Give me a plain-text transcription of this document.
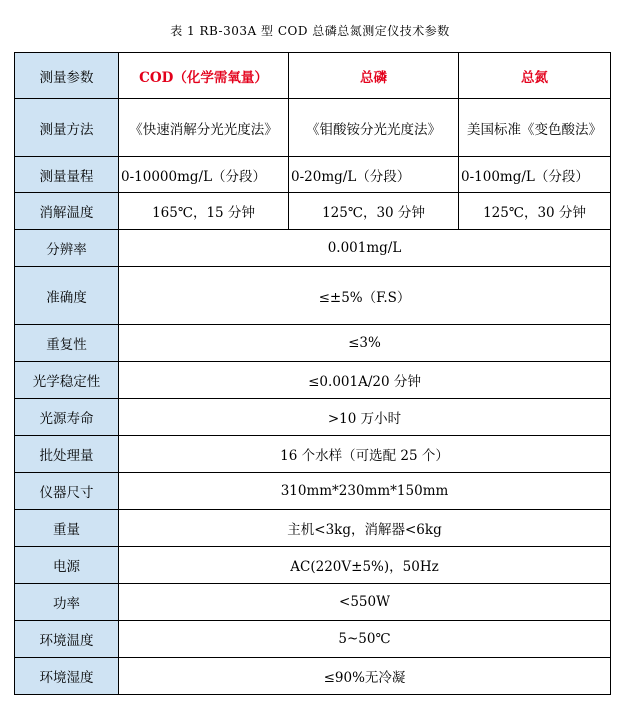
表 1 RB-303A 型 COD 总磷总氮测定仪技术参数
测量参数	COD（化学需氧量）	总磷	总氮
测量方法	《快速消解分光光度法》	《钼酸铵分光光度法》	美国标准《变色酸法》
测量量程	0-10000mg/L（分段）	0-20mg/L（分段）	0-100mg/L（分段）
消解温度	165℃，15 分钟	125℃，30 分钟	125℃，30 分钟
分辨率	0.001mg/L		
准确度	≤±5%（F.S）		
重复性	≤3%		
光学稳定性	≤0.001A/20 分钟		
光源寿命	>10 万小时		
批处理量	16 个水样（可选配 25 个）		
仪器尺寸	310mm*230mm*150mm		
重量	主机<3kg，消解器<6kg		
电源	AC(220V±5%)，50Hz		
功率	<550W		
环境温度	5~50℃		
环境湿度	≤90%无冷凝		
